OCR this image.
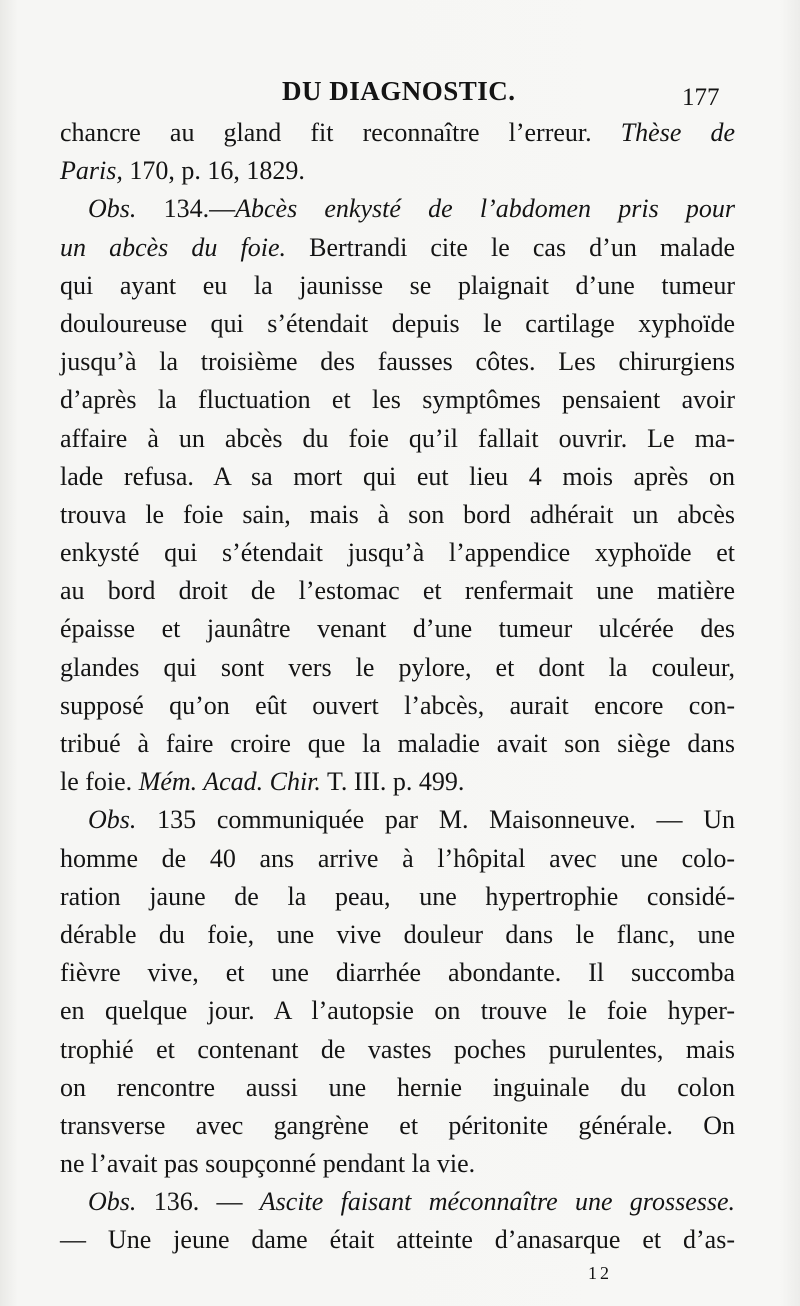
DU DIAGNOSTIC.	177
chancre au gland fit reconnaître l’erreur. Thèse de
Paris, 170, p. 16, 1829.
Obs. 134.—Abcès enkysté de l’abdomen pris pour
un abcès du foie. Bertrandi cite le cas d’un malade
qui ayant eu la jaunisse se plaignait d’une tumeur
douloureuse qui s’étendait depuis le cartilage xyphoïde
jusqu’à la troisième des fausses côtes. Les chirurgiens
d’après la fluctuation et les symptômes pensaient avoir
affaire à un abcès du foie qu’il fallait ouvrir. Le ma-
lade refusa. A sa mort qui eut lieu 4 mois après on
trouva le foie sain, mais à son bord adhérait un abcès
enkysté qui s’étendait jusqu’à l’appendice xyphoïde et
au bord droit de l’estomac et renfermait une matière
épaisse et jaunâtre venant d’une tumeur ulcérée des
glandes qui sont vers le pylore, et dont la couleur,
supposé qu’on eût ouvert l’abcès, aurait encore con-
tribué à faire croire que la maladie avait son siège dans
le foie. Mém. Acad. Chir. T. III. p. 499.
Obs. 135 communiquée par M. Maisonneuve. — Un
homme de 40 ans arrive à l’hôpital avec une colo-
ration jaune de la peau, une hypertrophie considé-
dérable du foie, une vive douleur dans le flanc, une
fièvre vive, et une diarrhée abondante. Il succomba
en quelque jour. A l’autopsie on trouve le foie hyper-
trophié et contenant de vastes poches purulentes, mais
on rencontre aussi une hernie inguinale du colon
transverse avec gangrène et péritonite générale. On
ne l’avait pas soupçonné pendant la vie.
Obs. 136. — Ascite faisant méconnaître une grossesse.
— Une jeune dame était atteinte d’anasarque et d’as-
12
